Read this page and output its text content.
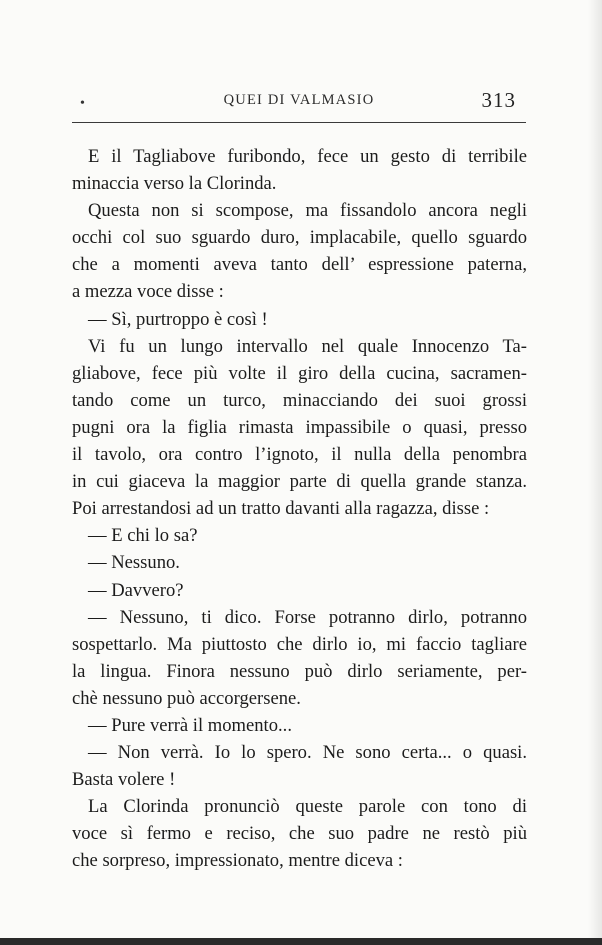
•	QUEI DI VALMASIO	313
E il Tagliabove furibondo, fece un gesto di terribile
minaccia verso la Clorinda.
Questa non si scompose, ma fissandolo ancora negli
occhi col suo sguardo duro, implacabile, quello sguardo
che a momenti aveva tanto dell’ espressione paterna,
a mezza voce disse :
— Sì, purtroppo è così !
Vi fu un lungo intervallo nel quale Innocenzo Ta-
gliabove, fece più volte il giro della cucina, sacramen-
tando come un turco, minacciando dei suoi grossi
pugni ora la figlia rimasta impassibile o quasi, presso
il tavolo, ora contro l’ignoto, il nulla della penombra
in cui giaceva la maggior parte di quella grande stanza.
Poi arrestandosi ad un tratto davanti alla ragazza, disse :
— E chi lo sa?
— Nessuno.
— Davvero?
— Nessuno, ti dico. Forse potranno dirlo, potranno
sospettarlo. Ma piuttosto che dirlo io, mi faccio tagliare
la lingua. Finora nessuno può dirlo seriamente, per-
chè nessuno può accorgersene.
— Pure verrà il momento...
— Non verrà. Io lo spero. Ne sono certa... o quasi.
Basta volere !
La Clorinda pronunciò queste parole con tono di
voce sì fermo e reciso, che suo padre ne restò più
che sorpreso, impressionato, mentre diceva :
